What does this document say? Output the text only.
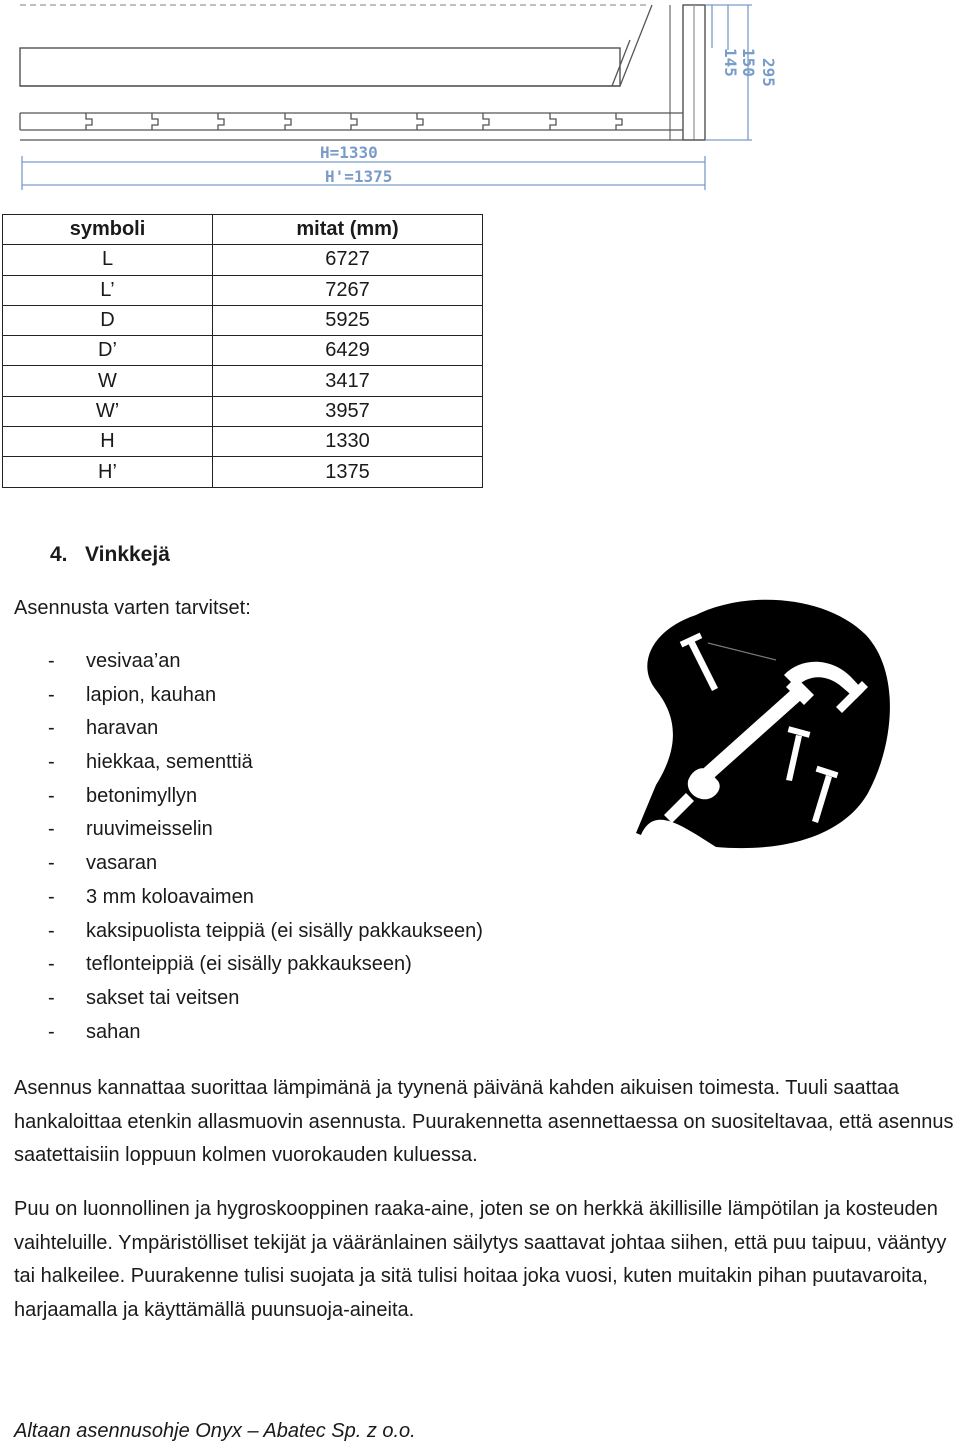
H=1330
H'=1375
150
145 295
symboli	mitat (mm)
L	6727
L’	7267
D	5925
D’	6429
W	3417
W’	3957
H	1330
H’	1375
4. Vinkkejä
Asennusta varten tarvitset:
-	vesivaa’an
-	lapion, kauhan
-	haravan
-	hiekkaa, sementtiä
-	betonimyllyn
-	ruuvimeisselin
-	vasaran
-	3 mm koloavaimen
-	kaksipuolista teippiä (ei sisälly pakkaukseen)
-	teflonteippiä (ei sisälly pakkaukseen)
-	sakset tai veitsen
-	sahan

Asennus kannattaa suorittaa lämpimänä ja tyynenä päivänä kahden aikuisen toimesta. Tuuli saattaa hankaloittaa etenkin allasmuovin asennusta. Puurakennetta asennettaessa on suositeltavaa, että asennus saatettaisiin loppuun kolmen vuorokauden kuluessa.

Puu on luonnollinen ja hygroskooppinen raaka-aine, joten se on herkkä äkillisille lämpötilan ja kosteuden vaihteluille. Ympäristölliset tekijät ja vääränlainen säilytys saattavat johtaa siihen, että puu taipuu, vääntyy tai halkeilee. Puurakenne tulisi suojata ja sitä tulisi hoitaa joka vuosi, kuten muitakin pihan puutavaroita, harjaamalla ja käyttämällä puunsuoja-aineita.

Altaan asennusohje Onyx – Abatec Sp. z o.o.
